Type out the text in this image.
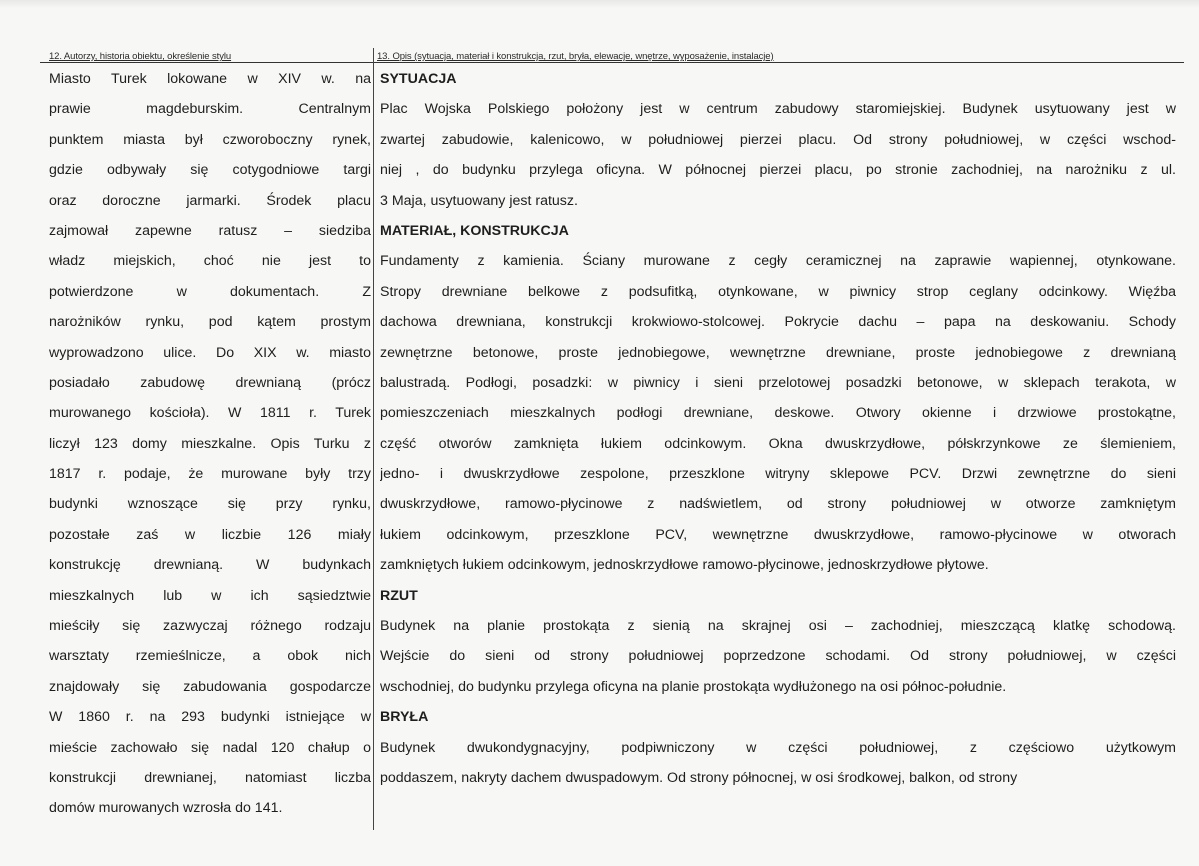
12. Autorzy, historia obiektu, określenie stylu	13. Opis (sytuacja, materiał i konstrukcja, rzut, bryła, elewacje, wnętrze, wyposażenie, instalacje)
Miasto Turek lokowane w XIV w. na
prawie magdeburskim. Centralnym
punktem miasta był czworoboczny rynek,
gdzie odbywały się cotygodniowe targi
oraz doroczne jarmarki. Środek placu
zajmował zapewne ratusz – siedziba
władz miejskich, choć nie jest to
potwierdzone w dokumentach. Z
narożników rynku, pod kątem prostym
wyprowadzono ulice. Do XIX w. miasto
posiadało zabudowę drewnianą (prócz
murowanego kościoła). W 1811 r. Turek
liczył 123 domy mieszkalne. Opis Turku z
1817 r. podaje, że murowane były trzy
budynki wznoszące się przy rynku,
pozostałe zaś w liczbie 126 miały
konstrukcję drewnianą. W budynkach
mieszkalnych lub w ich sąsiedztwie
mieściły się zazwyczaj różnego rodzaju
warsztaty rzemieślnicze, a obok nich
znajdowały się zabudowania gospodarcze
W 1860 r. na 293 budynki istniejące w
mieście zachowało się nadal 120 chałup o
konstrukcji drewnianej, natomiast liczba
domów murowanych wzrosła do 141.
SYTUACJA
Plac Wojska Polskiego położony jest w centrum zabudowy staromiejskiej. Budynek usytuowany jest w
zwartej zabudowie, kalenicowo, w południowej pierzei placu. Od strony południowej, w części wschod-
niej , do budynku przylega oficyna. W północnej pierzei placu, po stronie zachodniej, na narożniku z ul.
3 Maja, usytuowany jest ratusz.
MATERIAŁ, KONSTRUKCJA
Fundamenty z kamienia. Ściany murowane z cegły ceramicznej na zaprawie wapiennej, otynkowane.
Stropy drewniane belkowe z podsufitką, otynkowane, w piwnicy strop ceglany odcinkowy. Więźba
dachowa drewniana, konstrukcji krokwiowo-stolcowej. Pokrycie dachu – papa na deskowaniu. Schody
zewnętrzne betonowe, proste jednobiegowe, wewnętrzne drewniane, proste jednobiegowe z drewnianą
balustradą. Podłogi, posadzki: w piwnicy i sieni przelotowej posadzki betonowe, w sklepach terakota, w
pomieszczeniach mieszkalnych podłogi drewniane, deskowe. Otwory okienne i drzwiowe prostokątne,
część otworów zamknięta łukiem odcinkowym. Okna dwuskrzydłowe, półskrzynkowe ze ślemieniem,
jedno- i dwuskrzydłowe zespolone, przeszklone witryny sklepowe PCV. Drzwi zewnętrzne do sieni
dwuskrzydłowe, ramowo-płycinowe z nadświetlem, od strony południowej w otworze zamkniętym
łukiem odcinkowym, przeszklone PCV, wewnętrzne dwuskrzydłowe, ramowo-płycinowe w otworach
zamkniętych łukiem odcinkowym, jednoskrzydłowe ramowo-płycinowe, jednoskrzydłowe płytowe.
RZUT
Budynek na planie prostokąta z sienią na skrajnej osi – zachodniej, mieszczącą klatkę schodową.
Wejście do sieni od strony południowej poprzedzone schodami. Od strony południowej, w części
wschodniej, do budynku przylega oficyna na planie prostokąta wydłużonego na osi północ-południe.
BRYŁA
Budynek dwukondygnacyjny, podpiwniczony w części południowej, z częściowo użytkowym
poddaszem, nakryty dachem dwuspadowym. Od strony północnej, w osi środkowej, balkon, od strony
